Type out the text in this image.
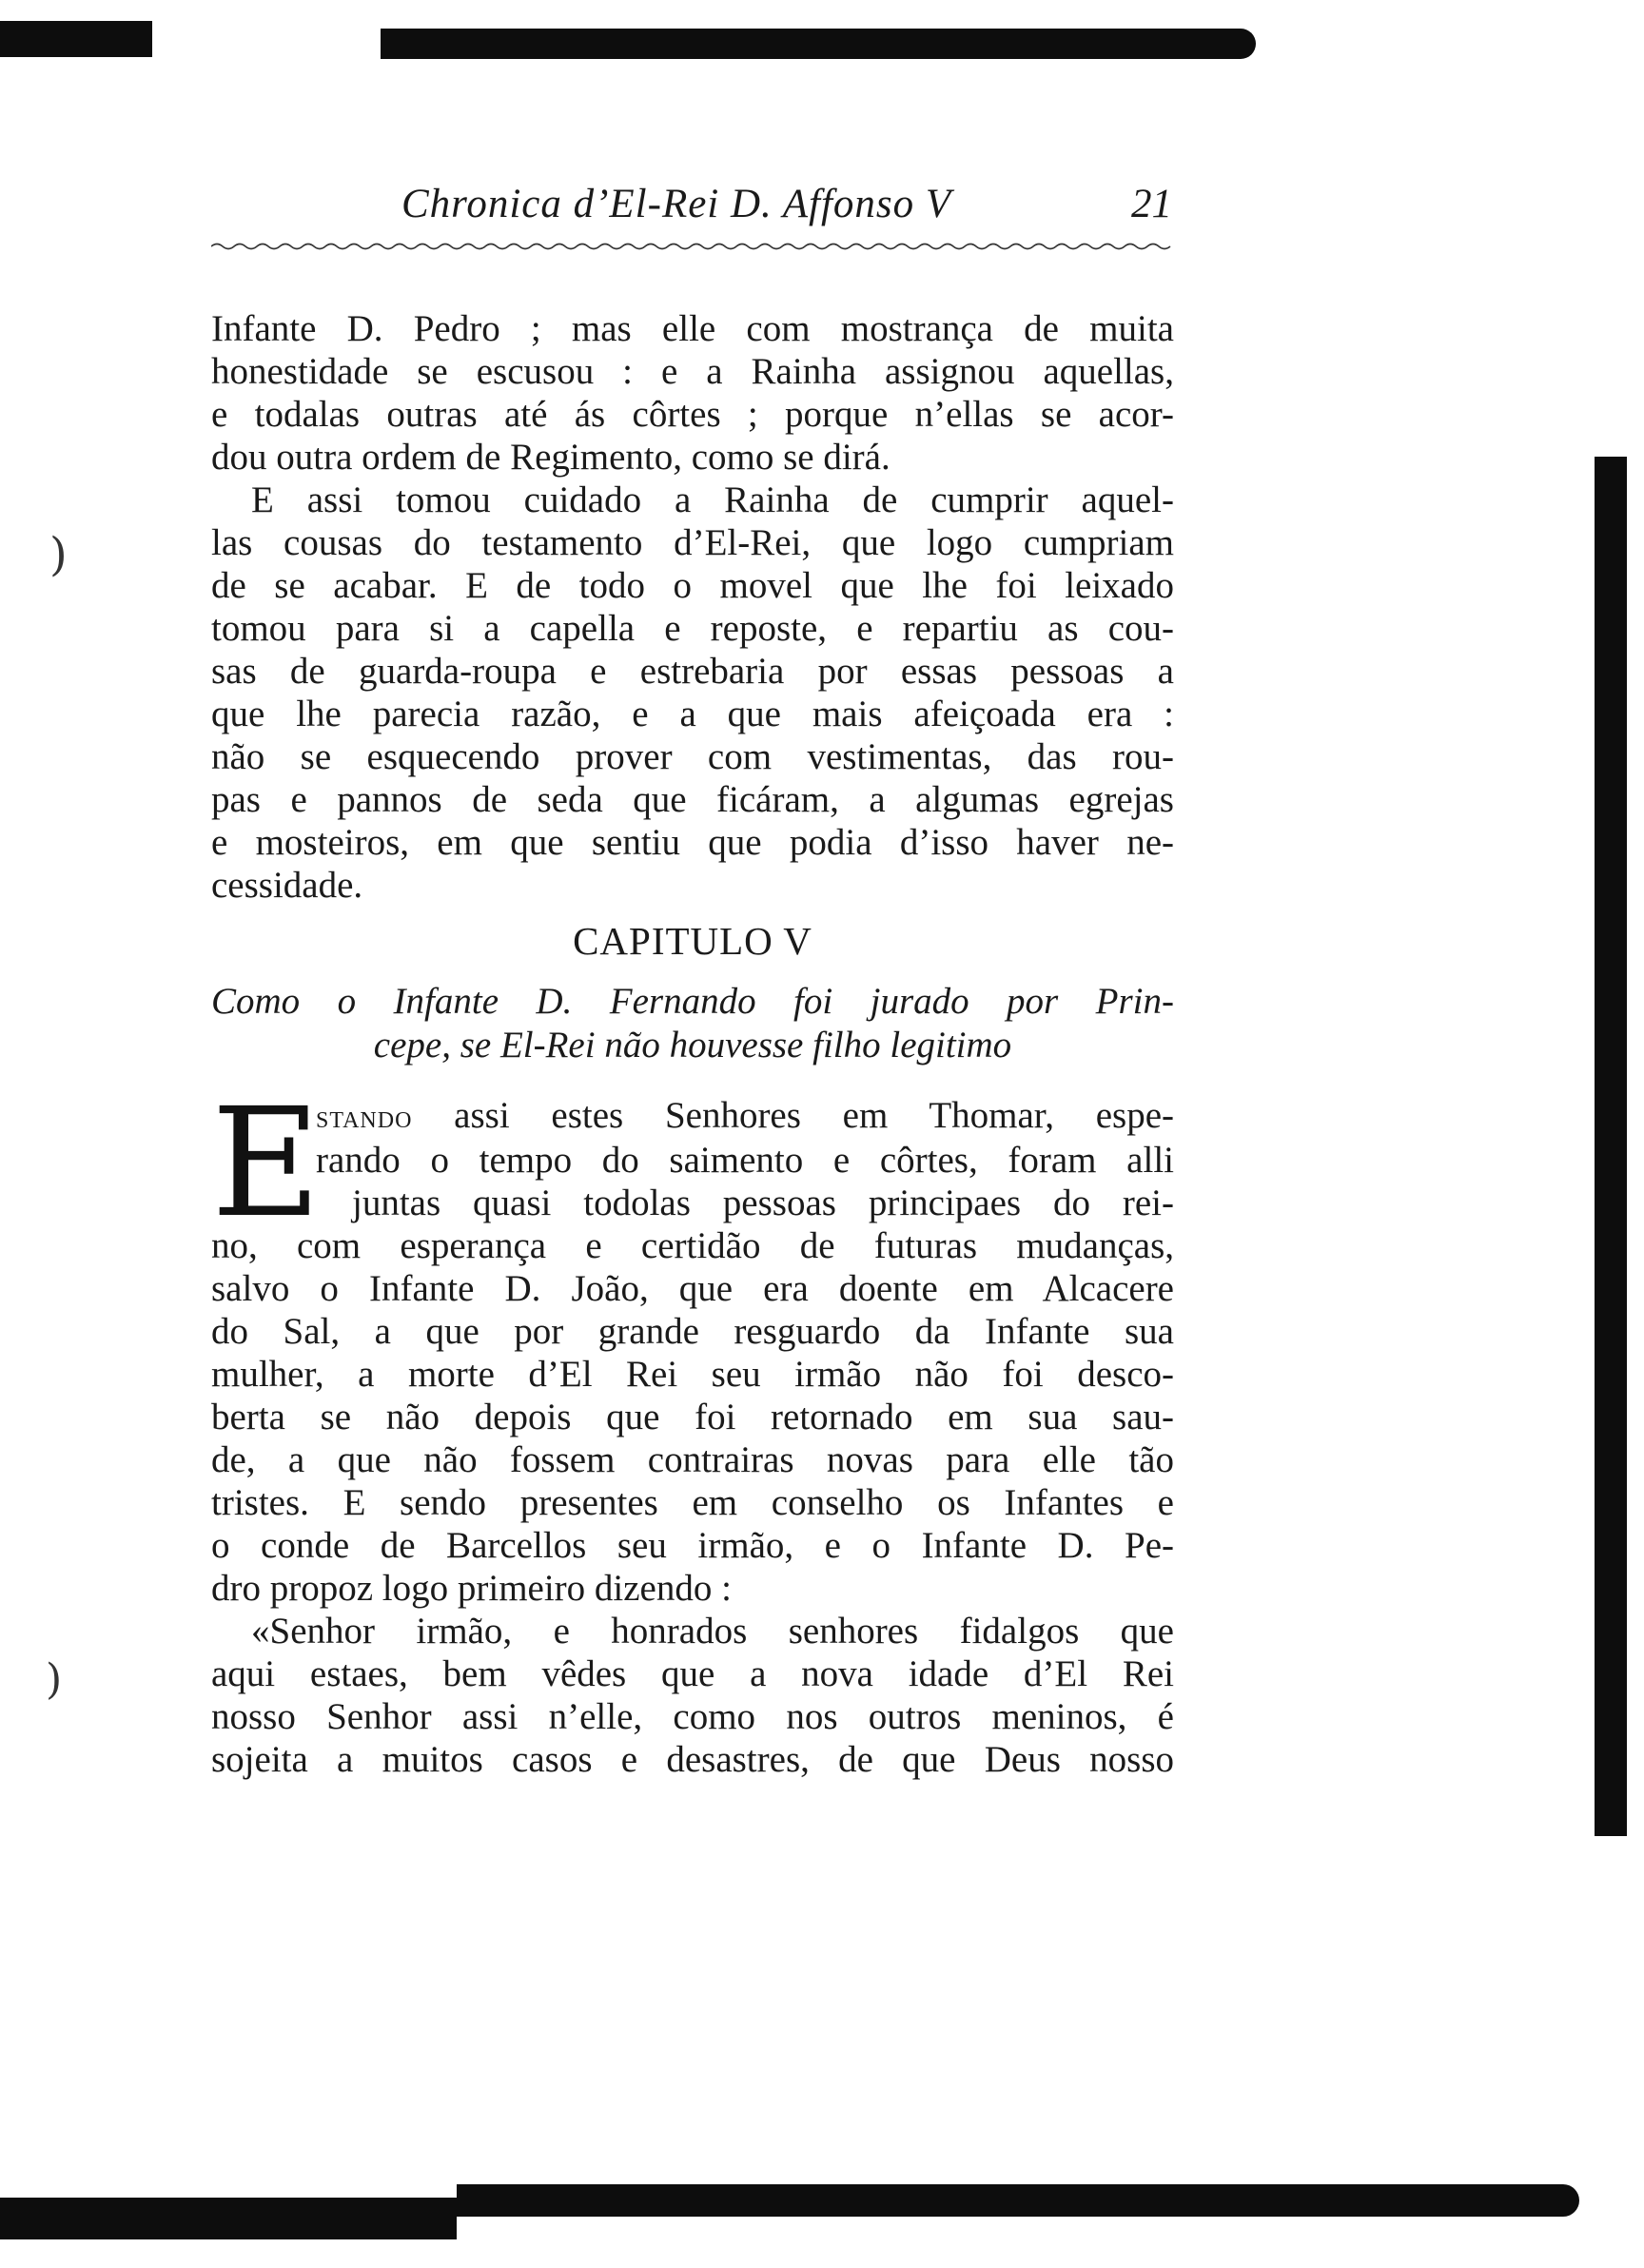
)
)
Chronica d’El-Rei D. Affonso V	21
Infante D. Pedro ; mas elle com mostrança de muita
honestidade se escusou : e a Rainha assignou aquellas,
e todalas outras até ás côrtes ; porque n’ellas se acor-
dou outra ordem de Regimento, como se dirá.
E assi tomou cuidado a Rainha de cumprir aquel-
las cousas do testamento d’El-Rei, que logo cumpriam
de se acabar. E de todo o movel que lhe foi leixado
tomou para si a capella e reposte, e repartiu as cou-
sas de guarda-roupa e estrebaria por essas pessoas a
que lhe parecia razão, e a que mais afeiçoada era :
não se esquecendo prover com vestimentas, das rou-
pas e pannos de seda que ficáram, a algumas egrejas
e mosteiros, em que sentiu que podia d’isso haver ne-
cessidade.
CAPITULO V
Como o Infante D. Fernando foi jurado por Prin-
cepe, se El-Rei não houvesse filho legitimo
E
stando assi estes Senhores em Thomar, espe-
rando o tempo do saimento e côrtes, foram alli
juntas quasi todolas pessoas principaes do rei-
no, com esperança e certidão de futuras mudanças,
salvo o Infante D. João, que era doente em Alcacere
do Sal, a que por grande resguardo da Infante sua
mulher, a morte d’El Rei seu irmão não foi desco-
berta se não depois que foi retornado em sua sau-
de, a que não fossem contrairas novas para elle tão
tristes. E sendo presentes em conselho os Infantes e
o conde de Barcellos seu irmão, e o Infante D. Pe-
dro propoz logo primeiro dizendo :
«Senhor irmão, e honrados senhores fidalgos que
aqui estaes, bem vêdes que a nova idade d’El Rei
nosso Senhor assi n’elle, como nos outros meninos, é
sojeita a muitos casos e desastres, de que Deus nosso
